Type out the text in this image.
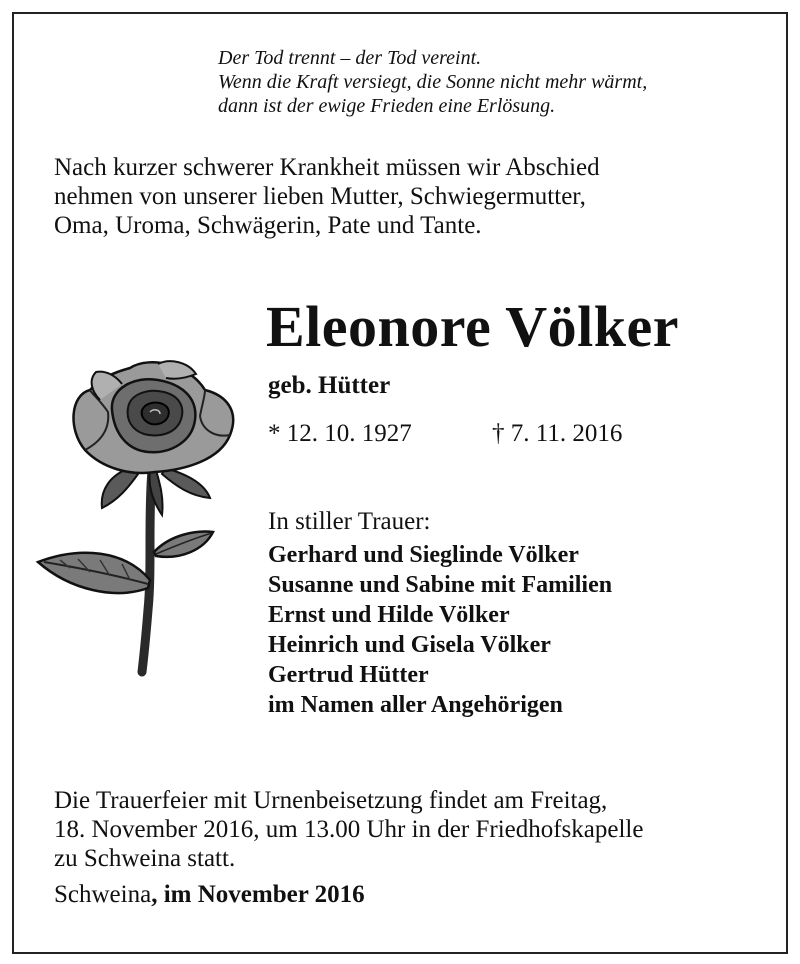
Der Tod trennt – der Tod vereint.
Wenn die Kraft versiegt, die Sonne nicht mehr wärmt,
dann ist der ewige Frieden eine Erlösung.
Nach kurzer schwerer Krankheit müssen wir Abschied
nehmen von unserer lieben Mutter, Schwiegermutter,
Oma, Uroma, Schwägerin, Pate und Tante.
Eleonore Völker
geb. Hütter
* 12. 10. 1927	† 7. 11. 2016
In stiller Trauer:
Gerhard und Sieglinde Völker
Susanne und Sabine mit Familien
Ernst und Hilde Völker
Heinrich und Gisela Völker
Gertrud Hütter
im Namen aller Angehörigen
Die Trauerfeier mit Urnenbeisetzung findet am Freitag,
18. November 2016, um 13.00 Uhr in der Friedhofskapelle
zu Schweina statt.
Schweina, im November 2016
